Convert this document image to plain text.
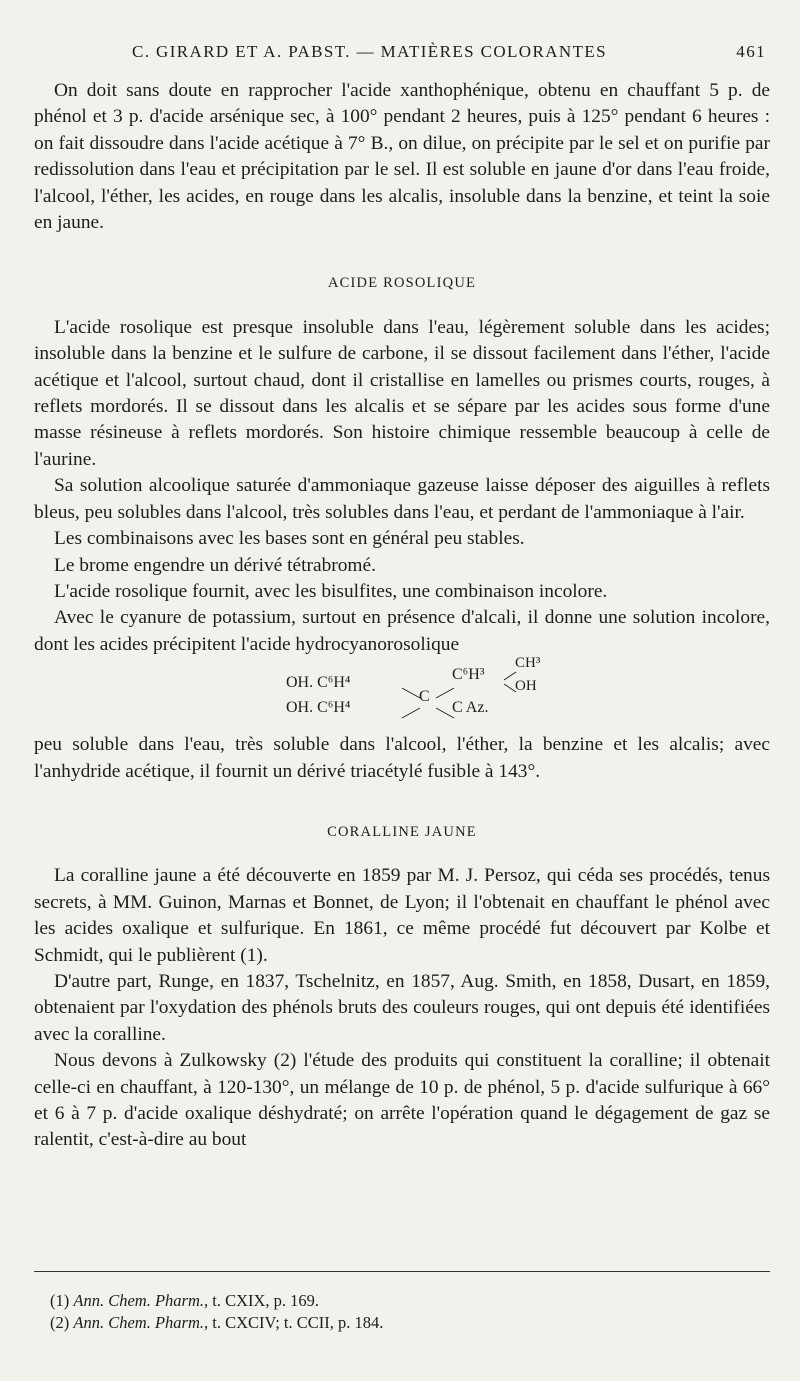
C. GIRARD ET A. PABST. — MATIÈRES COLORANTES	461

On doit sans doute en rapprocher l'acide xanthophénique, obtenu en chauffant 5 p. de phénol et 3 p. d'acide arsénique sec, à 100° pendant 2 heures, puis à 125° pendant 6 heures : on fait dissoudre dans l'acide acétique à 7° B., on dilue, on précipite par le sel et on purifie par redissolution dans l'eau et précipitation par le sel. Il est soluble en jaune d'or dans l'eau froide, l'alcool, l'éther, les acides, en rouge dans les alcalis, insoluble dans la benzine, et teint la soie en jaune.

ACIDE ROSOLIQUE

L'acide rosolique est presque insoluble dans l'eau, légèrement soluble dans les acides; insoluble dans la benzine et le sulfure de carbone, il se dissout facilement dans l'éther, l'acide acétique et l'alcool, surtout chaud, dont il cristallise en lamelles ou prismes courts, rouges, à reflets mordorés. Il se dissout dans les alcalis et se sépare par les acides sous forme d'une masse résineuse à reflets mordorés. Son histoire chimique ressemble beaucoup à celle de l'aurine.

Sa solution alcoolique saturée d'ammoniaque gazeuse laisse déposer des aiguilles à reflets bleus, peu solubles dans l'alcool, très solubles dans l'eau, et perdant de l'ammoniaque à l'air.

Les combinaisons avec les bases sont en général peu stables.

Le brome engendre un dérivé tétrabromé.

L'acide rosolique fournit, avec les bisulfites, une combinaison incolore.

Avec le cyanure de potassium, surtout en présence d'alcali, il donne une solution incolore, dont les acides précipitent l'acide hydrocyanorosolique

OH. C⁶H⁴
OH. C⁶H⁴
C
C⁶H³
CH³
OH
C Az.

peu soluble dans l'eau, très soluble dans l'alcool, l'éther, la benzine et les alcalis; avec l'anhydride acétique, il fournit un dérivé triacétylé fusible à 143°.

CORALLINE JAUNE

La coralline jaune a été découverte en 1859 par M. J. Persoz, qui céda ses procédés, tenus secrets, à MM. Guinon, Marnas et Bonnet, de Lyon; il l'obtenait en chauffant le phénol avec les acides oxalique et sulfurique. En 1861, ce même procédé fut découvert par Kolbe et Schmidt, qui le publièrent (1).

D'autre part, Runge, en 1837, Tschelnitz, en 1857, Aug. Smith, en 1858, Dusart, en 1859, obtenaient par l'oxydation des phénols bruts des couleurs rouges, qui ont depuis été identifiées avec la coralline.

Nous devons à Zulkowsky (2) l'étude des produits qui constituent la coralline; il obtenait celle-ci en chauffant, à 120-130°, un mélange de 10 p. de phénol, 5 p. d'acide sulfurique à 66° et 6 à 7 p. d'acide oxalique déshydraté; on arrête l'opération quand le dégagement de gaz se ralentit, c'est-à-dire au bout

(1) Ann. Chem. Pharm., t. CXIX, p. 169.
(2) Ann. Chem. Pharm., t. CXCIV; t. CCII, p. 184.
